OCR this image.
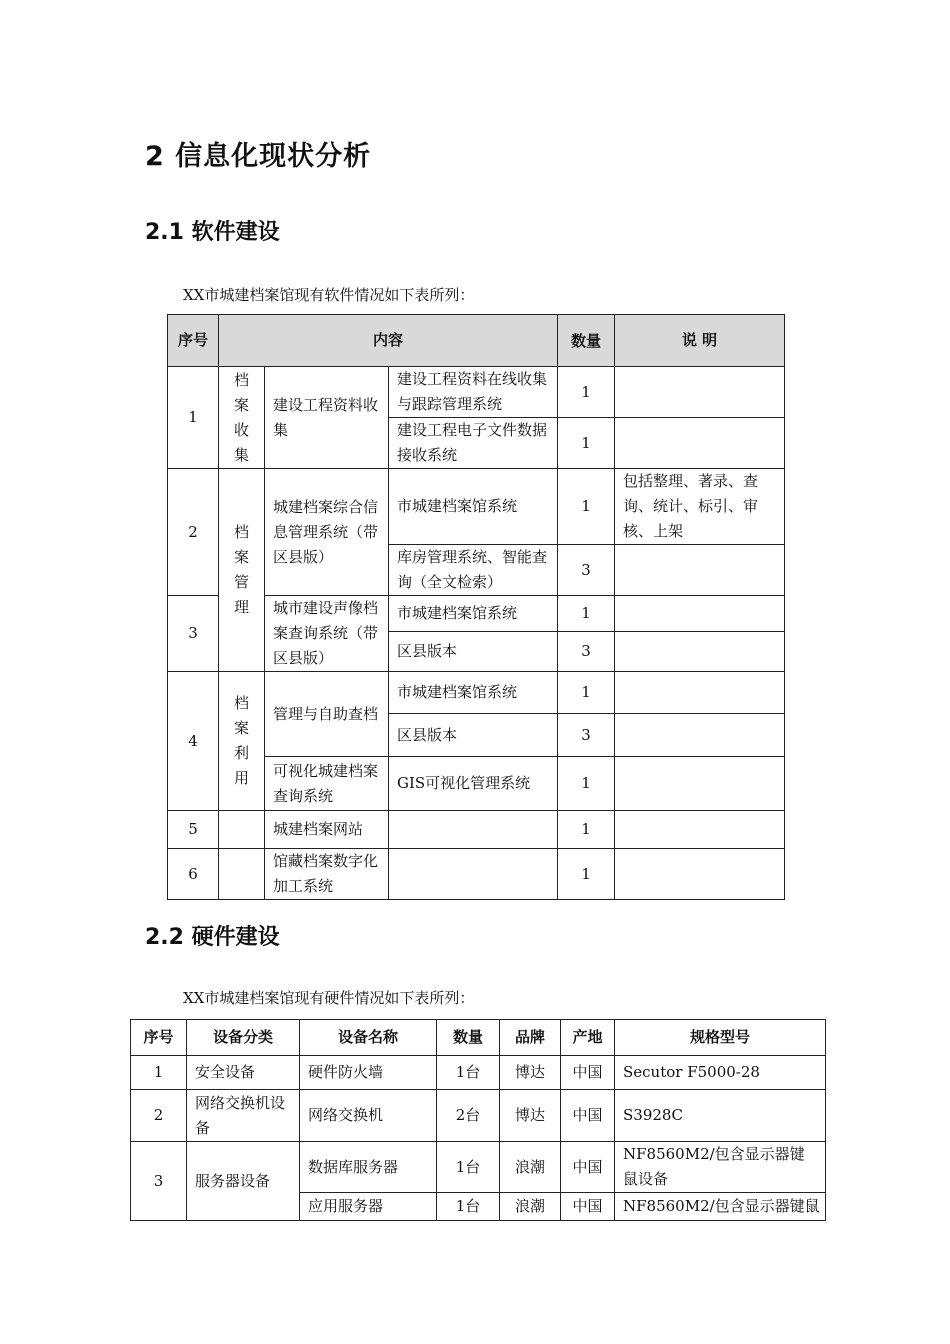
2 信息化现状分析
2.1 软件建设
XX市城建档案馆现有软件情况如下表所列：
序号	内容			数量	说 明
1	档案收集	建设工程资料收集	建设工程资料在线收集与跟踪管理系统	1	
			建设工程电子文件数据接收系统	1	
2	档案管理	城建档案综合信息管理系统（带区县版）	市城建档案馆系统	1	包括整理、著录、查询、统计、标引、审核、上架
			库房管理系统、智能查询（全文检索）	3	
3		城市建设声像档案查询系统（带区县版）	市城建档案馆系统	1	
			区县版本	3	
4	档案利用	管理与自助查档	市城建档案馆系统	1	
			区县版本	3	
		可视化城建档案查询系统	GIS可视化管理系统	1	
5		城建档案网站		1	
6		馆藏档案数字化加工系统		1	
2.2 硬件建设
XX市城建档案馆现有硬件情况如下表所列：
序号	设备分类	设备名称	数量	品牌	产地	规格型号
1	安全设备	硬件防火墙	1台	博达	中国	Secutor F5000-28
2	网络交换机设备	网络交换机	2台	博达	中国	S3928C
3	服务器设备	数据库服务器	1台	浪潮	中国	NF8560M2/包含显示器键鼠设备
		应用服务器	1台	浪潮	中国	NF8560M2/包含显示器键鼠
